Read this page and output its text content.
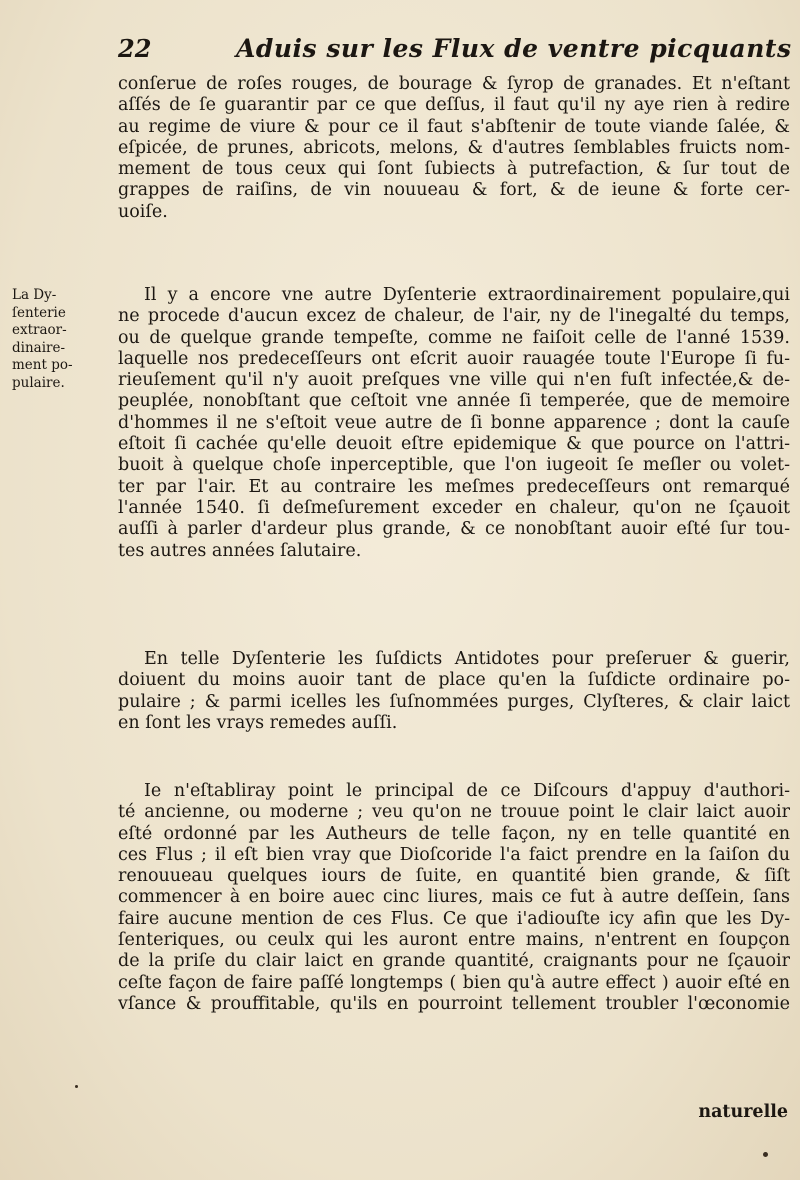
22	Aduis sur les Flux de ventre picquants
La Dy-
ſenterie
extraor-
dinaire-
ment po-
pulaire.
conſerue de roſes rouges, de bourage & ſyrop de granades. Et n'eſtant
aſſés de ſe guarantir par ce que deſſus, il faut qu'il ny aye rien à redire
au regime de viure & pour ce il faut s'abſtenir de toute viande ſalée, &
eſpicée, de prunes, abricots, melons, & d'autres ſemblables fruicts nom-
mement de tous ceux qui ſont ſubiects à putrefaction, & ſur tout de
grappes de raiſins, de vin nouueau & fort, & de ieune & forte cer-
uoiſe.
Il y a encore vne autre Dyſenterie extraordinairement populaire,qui
ne procede d'aucun excez de chaleur, de l'air, ny de l'inegalté du temps,
ou de quelque grande tempeſte, comme ne faiſoit celle de l'anné 1539.
laquelle nos predeceſſeurs ont eſcrit auoir rauagée toute l'Europe ſi fu-
rieuſement qu'il n'y auoit preſques vne ville qui n'en fuſt infectée,& de-
peuplée, nonobſtant que ceſtoit vne année ſi temperée, que de memoire
d'hommes il ne s'eſtoit veue autre de ſi bonne apparence ; dont la cauſe
eſtoit ſi cachée qu'elle deuoit eſtre epidemique & que pource on l'attri-
buoit à quelque choſe inperceptible, que l'on iugeoit ſe meſler ou volet-
ter par l'air. Et au contraire les meſmes predeceſſeurs ont remarqué
l'année 1540. ſi deſmeſurement exceder en chaleur, qu'on ne ſçauoit
auſſi à parler d'ardeur plus grande, & ce nonobſtant auoir eſté ſur tou-
tes autres années ſalutaire.
En telle Dyſenterie les ſuſdicts Antidotes pour preſeruer & guerir,
doiuent du moins auoir tant de place qu'en la ſuſdicte ordinaire po-
pulaire ; & parmi icelles les ſuſnommées purges, Clyſteres, & clair laict
en ſont les vrays remedes auſſi.
Ie n'eſtabliray point le principal de ce Diſcours d'appuy d'authori-
té ancienne, ou moderne ; veu qu'on ne trouue point le clair laict auoir
eſté ordonné par les Autheurs de telle façon, ny en telle quantité en
ces Flus ; il eſt bien vray que Dioſcoride l'a faict prendre en la ſaiſon du
renouueau quelques iours de ſuite, en quantité bien grande, & ſiſt
commencer à en boire auec cinc liures, mais ce fut à autre deſſein, ſans
faire aucune mention de ces Flus. Ce que i'adiouſte icy afin que les Dy-
ſenteriques, ou ceulx qui les auront entre mains, n'entrent en ſoupçon
de la priſe du clair laict en grande quantité, craignants pour ne ſçauoir
ceſte façon de faire paſſé longtemps ( bien qu'à autre effect ) auoir eſté en
vſance & prouffitable, qu'ils en pourroint tellement troubler l'œconomie
naturelle
